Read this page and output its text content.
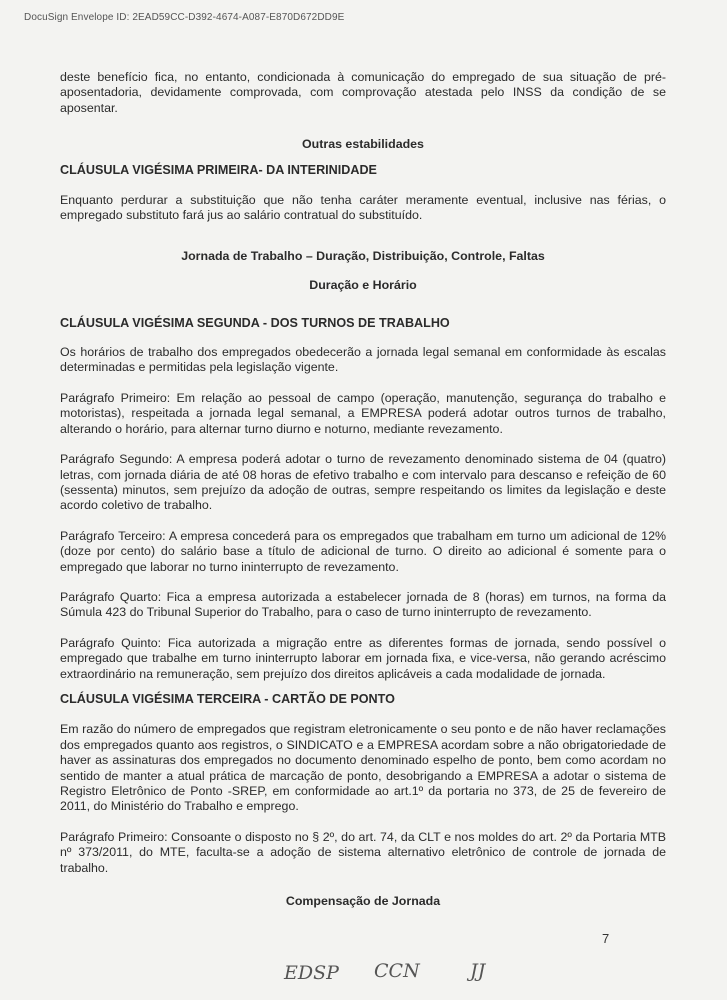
DocuSign Envelope ID: 2EAD59CC-D392-4674-A087-E870D672DD9E

deste benefício fica, no entanto, condicionada à comunicação do empregado de sua situação de pré-aposentadoria, devidamente comprovada, com comprovação atestada pelo INSS da condição de se aposentar.

Outras estabilidades

CLÁUSULA VIGÉSIMA PRIMEIRA- DA INTERINIDADE

Enquanto perdurar a substituição que não tenha caráter meramente eventual, inclusive nas férias, o empregado substituto fará jus ao salário contratual do substituído.

Jornada de Trabalho – Duração, Distribuição, Controle, Faltas

Duração e Horário

CLÁUSULA VIGÉSIMA SEGUNDA - DOS TURNOS DE TRABALHO

Os horários de trabalho dos empregados obedecerão a jornada legal semanal em conformidade às escalas determinadas e permitidas pela legislação vigente.

Parágrafo Primeiro: Em relação ao pessoal de campo (operação, manutenção, segurança do trabalho e motoristas), respeitada a jornada legal semanal, a EMPRESA poderá adotar outros turnos de trabalho, alterando o horário, para alternar turno diurno e noturno, mediante revezamento.

Parágrafo Segundo: A empresa poderá adotar o turno de revezamento denominado sistema de 04 (quatro) letras, com jornada diária de até 08 horas de efetivo trabalho e com intervalo para descanso e refeição de 60 (sessenta) minutos, sem prejuízo da adoção de outras, sempre respeitando os limites da legislação e deste acordo coletivo de trabalho.

Parágrafo Terceiro: A empresa concederá para os empregados que trabalham em turno um adicional de 12% (doze por cento) do salário base a título de adicional de turno. O direito ao adicional é somente para o empregado que laborar no turno ininterrupto de revezamento.

Parágrafo Quarto: Fica a empresa autorizada a estabelecer jornada de 8 (horas) em turnos, na forma da Súmula 423 do Tribunal Superior do Trabalho, para o caso de turno ininterrupto de revezamento.

Parágrafo Quinto: Fica autorizada a migração entre as diferentes formas de jornada, sendo possível o empregado que trabalhe em turno ininterrupto laborar em jornada fixa, e vice-versa, não gerando acréscimo extraordinário na remuneração, sem prejuízo dos direitos aplicáveis a cada modalidade de jornada.

CLÁUSULA VIGÉSIMA TERCEIRA - CARTÃO DE PONTO

Em razão do número de empregados que registram eletronicamente o seu ponto e de não haver reclamações dos empregados quanto aos registros, o SINDICATO e a EMPRESA acordam sobre a não obrigatoriedade de haver as assinaturas dos empregados no documento denominado espelho de ponto, bem como acordam no sentido de manter a atual prática de marcação de ponto, desobrigando a EMPRESA a adotar o sistema de Registro Eletrônico de Ponto -SREP, em conformidade ao art.1º da portaria no 373, de 25 de fevereiro de 2011, do Ministério do Trabalho e emprego.

Parágrafo Primeiro: Consoante o disposto no § 2º, do art. 74, da CLT e nos moldes do art. 2º da Portaria MTB nº 373/2011, do MTE, faculta-se a adoção de sistema alternativo eletrônico de controle de jornada de trabalho.

Compensação de Jornada

7
EDSP CCN	JJ
